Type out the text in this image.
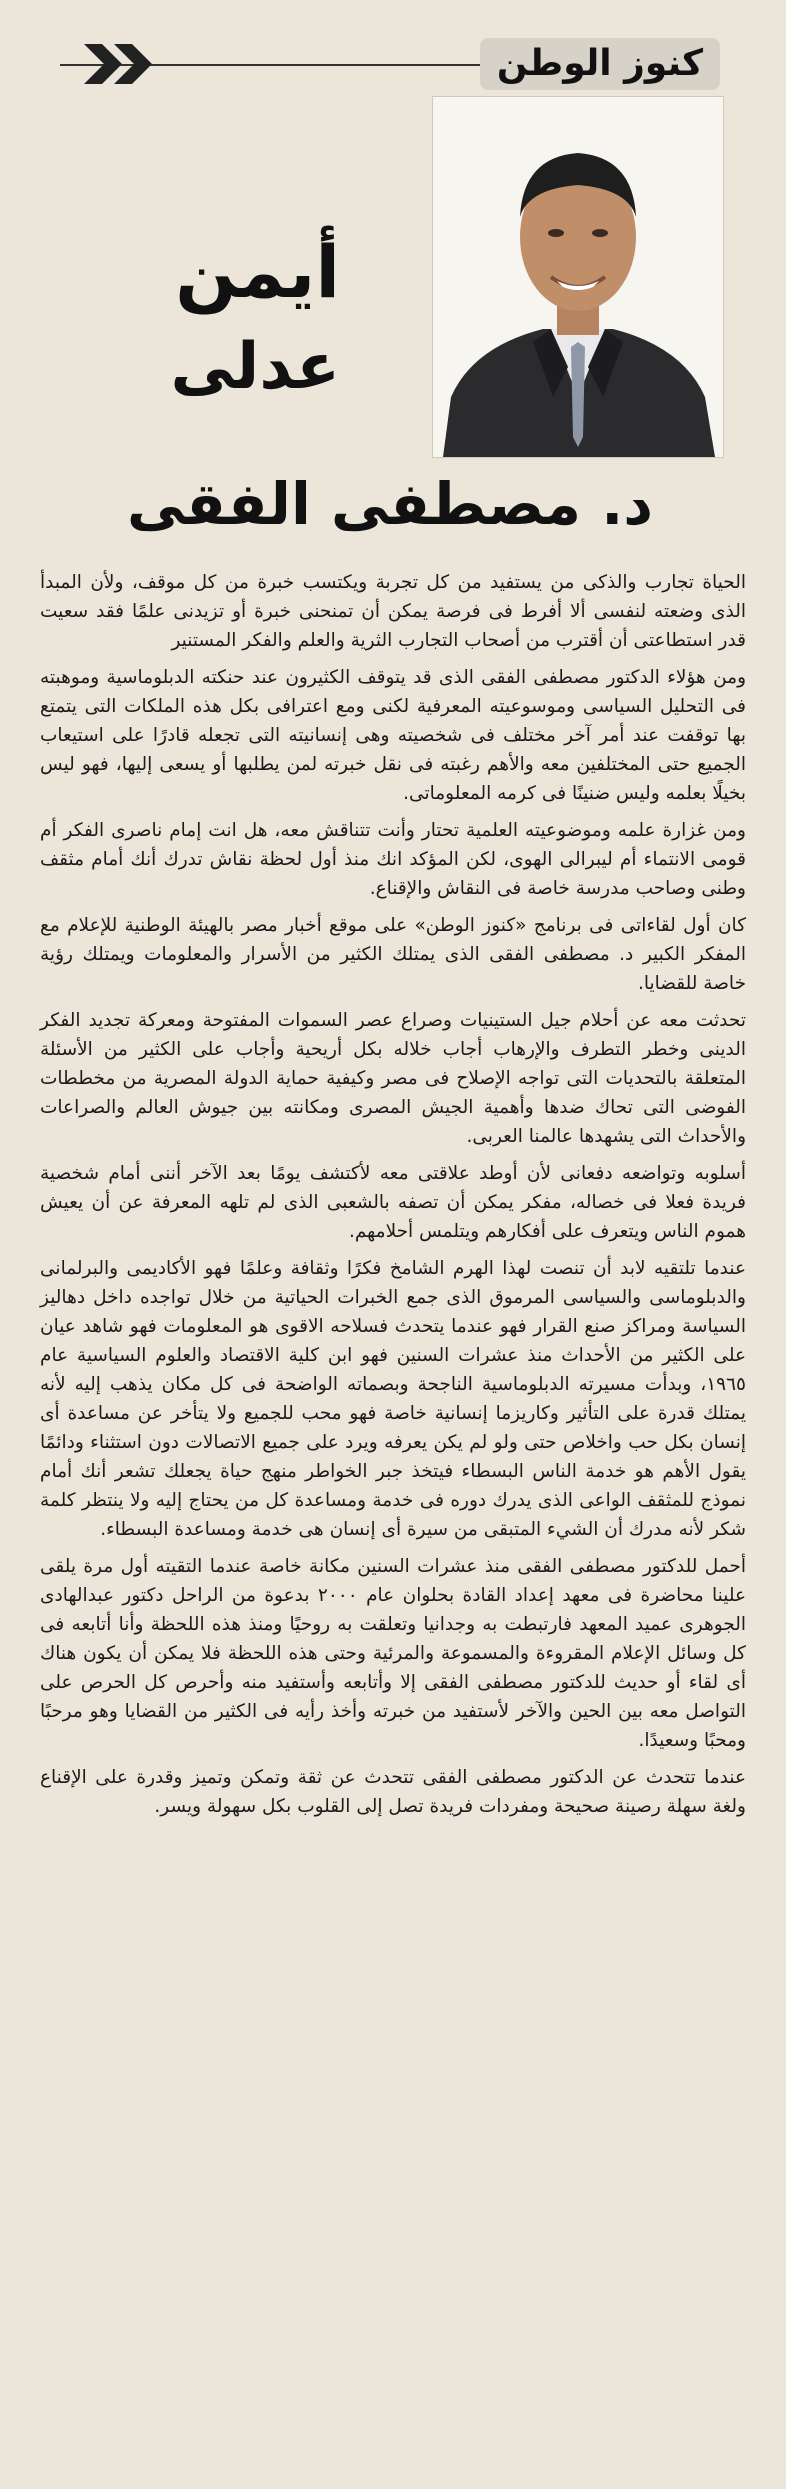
كنوز الوطن
أيمن
عدلى
د. مصطفى الفقى

الحياة تجارب والذكى من يستفيد من كل تجربة ويكتسب خبرة من كل موقف، ولأن المبدأ الذى وضعته لنفسى ألا أفرط فى فرصة يمكن أن تمنحنى خبرة أو تزيدنى علمًا فقد سعيت قدر استطاعتى أن أقترب من أصحاب التجارب الثرية والعلم والفكر المستنير

ومن هؤلاء الدكتور مصطفى الفقى الذى قد يتوقف الكثيرون عند حنكته الدبلوماسية وموهبته فى التحليل السياسى وموسوعيته المعرفية لكنى ومع اعترافى بكل هذه الملكات التى يتمتع بها توقفت عند أمر آخر مختلف فى شخصيته وهى إنسانيته التى تجعله قادرًا على استيعاب الجميع حتى المختلفين معه والأهم رغبته فى نقل خبرته لمن يطلبها أو يسعى إليها، فهو ليس بخيلًا بعلمه وليس ضنينًا فى كرمه المعلوماتى.

ومن غزارة علمه وموضوعيته العلمية تحتار وأنت تتناقش معه، هل انت إمام ناصرى الفكر أم قومى الانتماء أم ليبرالى الهوى، لكن المؤكد انك منذ أول لحظة نقاش تدرك أنك أمام مثقف وطنى وصاحب مدرسة خاصة فى النقاش والإقناع.

كان أول لقاءاتى فى برنامج «كنوز الوطن» على موقع أخبار مصر بالهيئة الوطنية للإعلام مع المفكر الكبير د. مصطفى الفقى الذى يمتلك الكثير من الأسرار والمعلومات ويمتلك رؤية خاصة للقضايا.

تحدثت معه عن أحلام جيل الستينيات وصراع عصر السموات المفتوحة ومعركة تجديد الفكر الدينى وخطر التطرف والإرهاب أجاب خلاله بكل أريحية وأجاب على الكثير من الأسئلة المتعلقة بالتحديات التى تواجه الإصلاح فى مصر وكيفية حماية الدولة المصرية من مخططات الفوضى التى تحاك ضدها وأهمية الجيش المصرى ومكانته بين جيوش العالم والصراعات والأحداث التى يشهدها عالمنا العربى.

أسلوبه وتواضعه دفعانى لأن أوطد علاقتى معه لأكتشف يومًا بعد الآخر أننى أمام شخصية فريدة فعلا فى خصاله، مفكر يمكن أن تصفه بالشعبى الذى لم تلهه المعرفة عن أن يعيش هموم الناس ويتعرف على أفكارهم ويتلمس أحلامهم.

عندما تلتقيه لابد أن تنصت لهذا الهرم الشامخ فكرًا وثقافة وعلمًا فهو الأكاديمى والبرلمانى والدبلوماسى والسياسى المرموق الذى جمع الخبرات الحياتية من خلال تواجده داخل دهاليز السياسة ومراكز صنع القرار فهو عندما يتحدث فسلاحه الاقوى هو المعلومات فهو شاهد عيان على الكثير من الأحداث منذ عشرات السنين فهو ابن كلية الاقتصاد والعلوم السياسية عام ١٩٦٥، وبدأت مسيرته الدبلوماسية الناجحة وبصماته الواضحة فى كل مكان يذهب إليه لأنه يمتلك قدرة على التأثير وكاريزما إنسانية خاصة فهو محب للجميع ولا يتأخر عن مساعدة أى إنسان بكل حب واخلاص حتى ولو لم يكن يعرفه ويرد على جميع الاتصالات دون استثناء ودائمًا يقول الأهم هو خدمة الناس البسطاء فيتخذ جبر الخواطر منهج حياة يجعلك تشعر أنك أمام نموذج للمثقف الواعى الذى يدرك دوره فى خدمة ومساعدة كل من يحتاج إليه ولا ينتظر كلمة شكر لأنه مدرك أن الشيء المتبقى من سيرة أى إنسان هى خدمة ومساعدة البسطاء.

أحمل للدكتور مصطفى الفقى منذ عشرات السنين مكانة خاصة عندما التقيته أول مرة يلقى علينا محاضرة فى معهد إعداد القادة بحلوان عام ٢٠٠٠ بدعوة من الراحل دكتور عبدالهادى الجوهرى عميد المعهد فارتبطت به وجدانيا وتعلقت به روحيًا ومنذ هذه اللحظة وأنا أتابعه فى كل وسائل الإعلام المقروءة والمسموعة والمرئية وحتى هذه اللحظة فلا يمكن أن يكون هناك أى لقاء أو حديث للدكتور مصطفى الفقى إلا وأتابعه وأستفيد منه وأحرص كل الحرص على التواصل معه بين الحين والآخر لأستفيد من خبرته وأخذ رأيه فى الكثير من القضايا وهو مرحبًا ومحبًا وسعيدًا.

عندما تتحدث عن الدكتور مصطفى الفقى تتحدث عن ثقة وتمكن وتميز وقدرة على الإقناع ولغة سهلة رصينة صحيحة ومفردات فريدة تصل إلى القلوب بكل سهولة ويسر.
